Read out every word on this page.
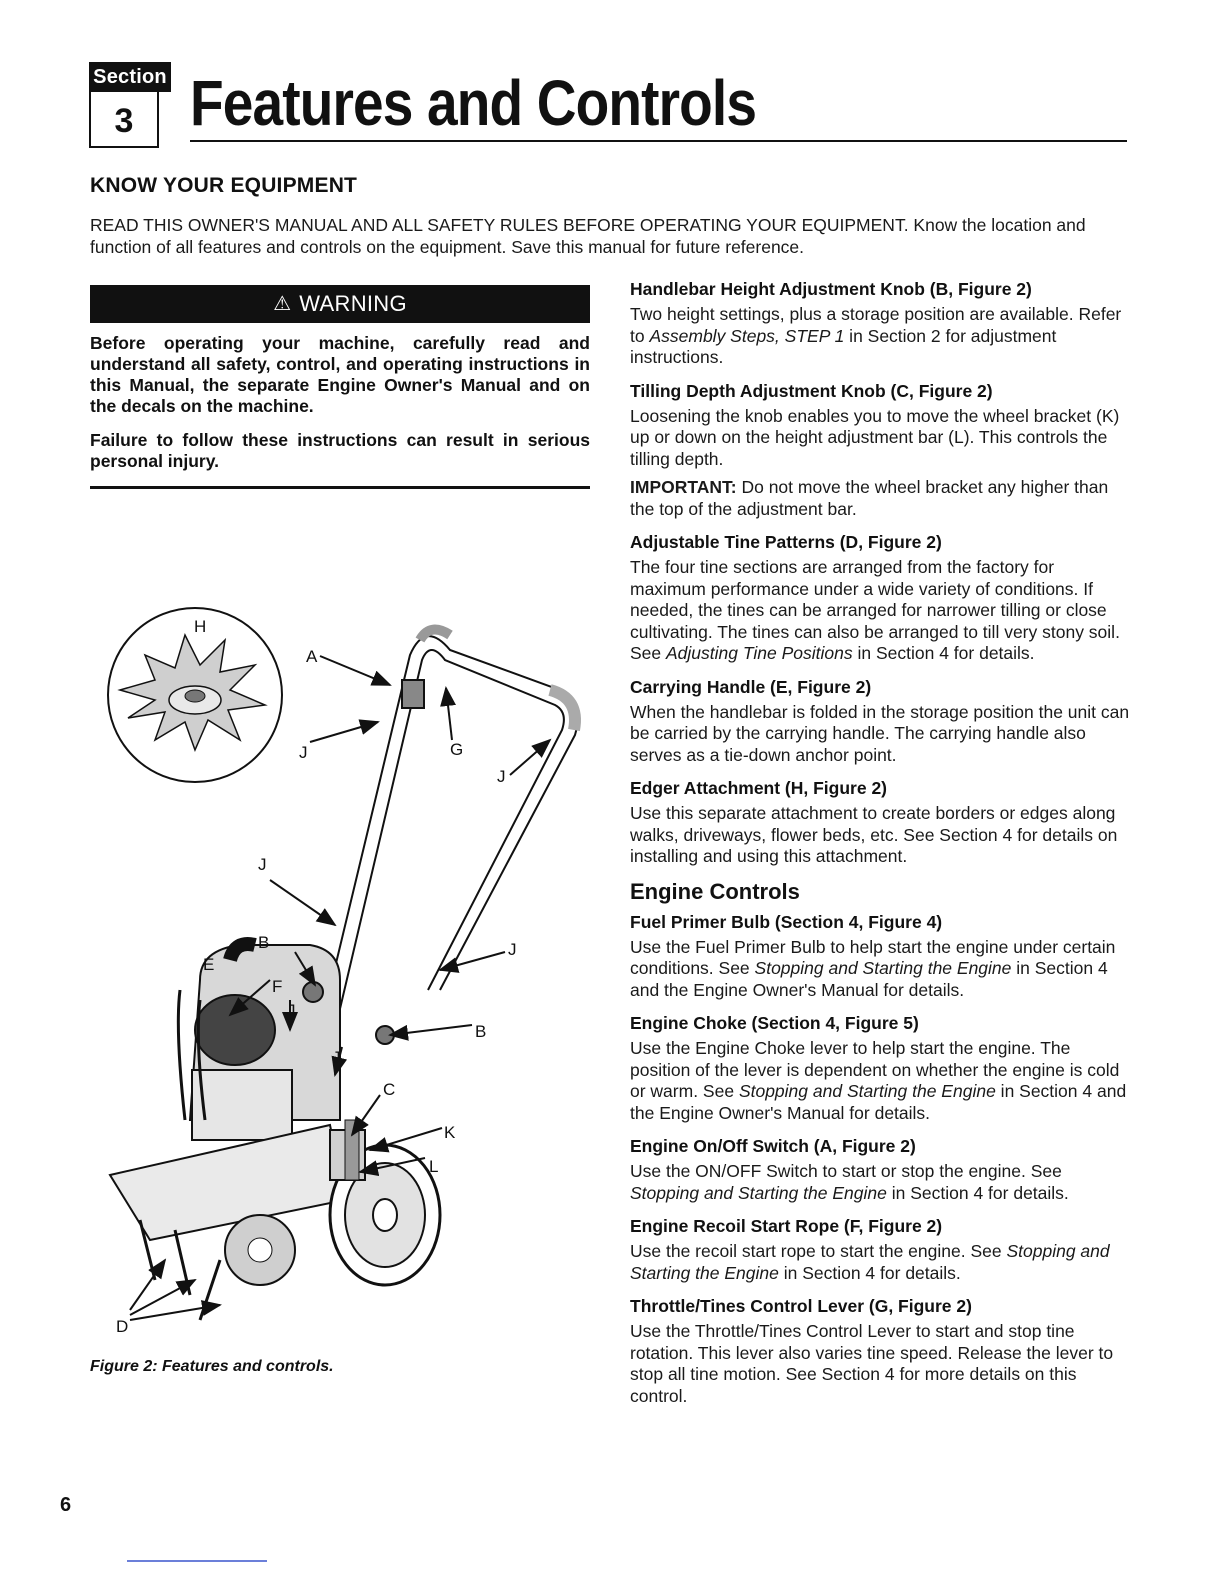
Section
3 Features and Controls
KNOW YOUR EQUIPMENT

READ THIS OWNER'S MANUAL AND ALL SAFETY RULES BEFORE OPERATING YOUR EQUIPMENT. Know the location and function of all features and controls on the equipment. Save this manual for future reference.

⚠ WARNING

Before operating your machine, carefully read and understand all safety, control, and operating instructions in this Manual, the separate Engine Owner's Manual and on the decals on the machine.

Failure to follow these instructions can result in serious personal injury.

H
A
J	G
J
J
B	J
E
F
J
B
J
C
K
L
D

Figure 2: Features and controls.

Handlebar Height Adjustment Knob (B, Figure 2)

Two height settings, plus a storage position are available. Refer to Assembly Steps, STEP 1 in Section 2 for adjustment instructions.

Tilling Depth Adjustment Knob (C, Figure 2)

Loosening the knob enables you to move the wheel bracket (K) up or down on the height adjustment bar (L). This controls the tilling depth.

IMPORTANT: Do not move the wheel bracket any higher than the top of the adjustment bar.

Adjustable Tine Patterns (D, Figure 2)

The four tine sections are arranged from the factory for maximum performance under a wide variety of conditions. If needed, the tines can be arranged for narrower tilling or close cultivating. The tines can also be arranged to till very stony soil. See Adjusting Tine Positions in Section 4 for details.

Carrying Handle (E, Figure 2)

When the handlebar is folded in the storage position the unit can be carried by the carrying handle. The carrying handle also serves as a tie-down anchor point.

Edger Attachment (H, Figure 2)

Use this separate attachment to create borders or edges along walks, driveways, flower beds, etc. See Section 4 for details on installing and using this attachment.

Engine Controls
Fuel Primer Bulb (Section 4, Figure 4)

Use the Fuel Primer Bulb to help start the engine under certain conditions. See Stopping and Starting the Engine in Section 4 and the Engine Owner's Manual for details.

Engine Choke (Section 4, Figure 5)

Use the Engine Choke lever to help start the engine. The position of the lever is dependent on whether the engine is cold or warm. See Stopping and Starting the Engine in Section 4 and the Engine Owner's Manual for details.

Engine On/Off Switch (A, Figure 2)

Use the ON/OFF Switch to start or stop the engine. See Stopping and Starting the Engine in Section 4 for details.

Engine Recoil Start Rope (F, Figure 2)

Use the recoil start rope to start the engine. See Stopping and Starting the Engine in Section 4 for details.

Throttle/Tines Control Lever (G, Figure 2)

Use the Throttle/Tines Control Lever to start and stop tine rotation. This lever also varies tine speed. Release the lever to stop all tine motion. See Section 4 for more details on this control.

6
